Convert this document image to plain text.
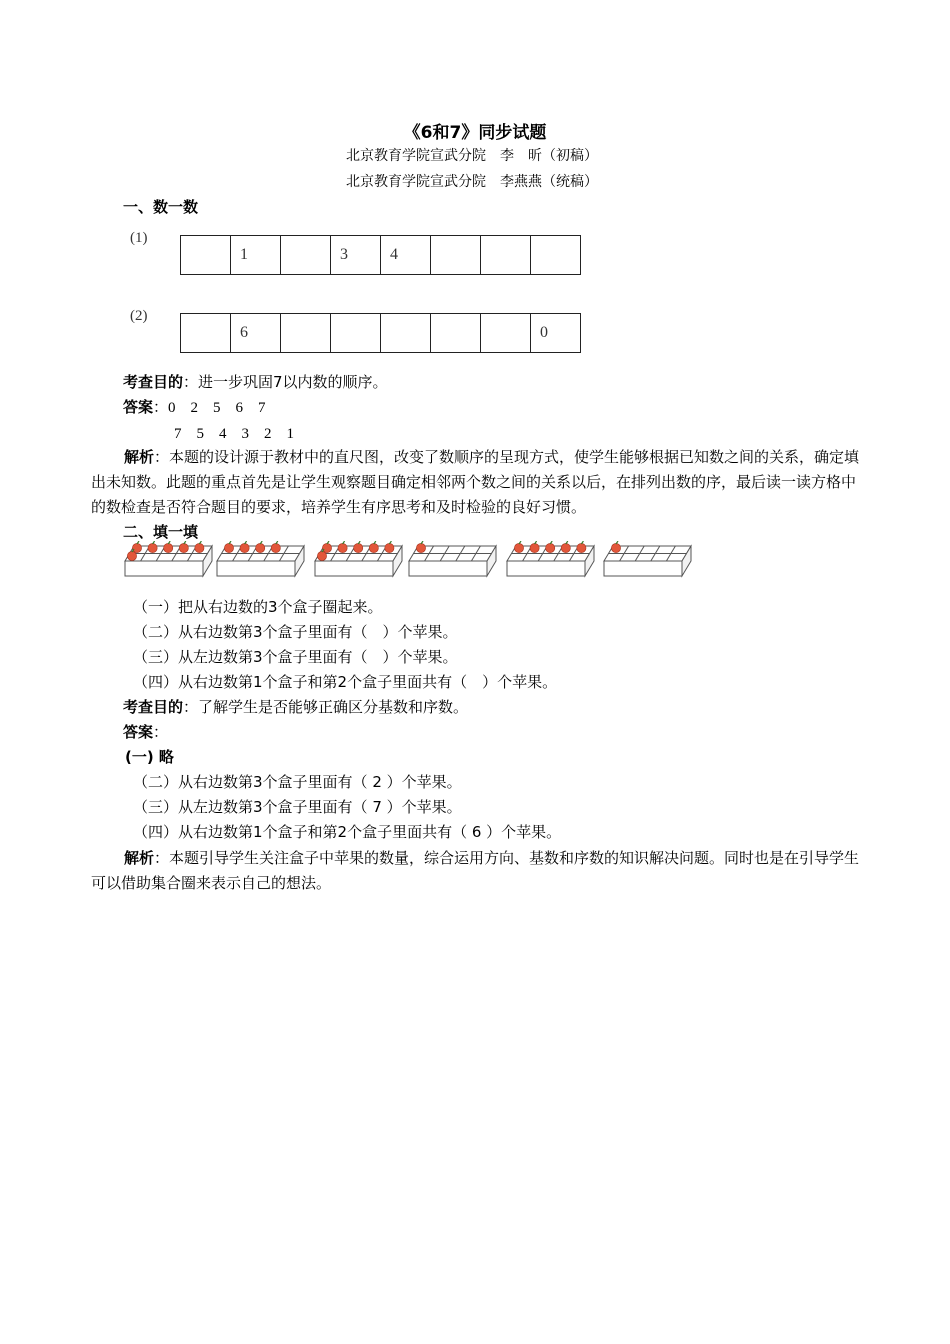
《6和7》同步试题
北京教育学院宣武分院　李　昕（初稿）
北京教育学院宣武分院　李燕燕（统稿）
一、数一数
(1)
	1		3	4			
(2)
	6						0
考查目的：进一步巩固7以内数的顺序。
答案：0　2　5　6　7
7　5　4　3　2　1
解析：本题的设计源于教材中的直尺图，改变了数顺序的呈现方式，使学生能够根据已知数之间的关系，确定填出未知数。此题的重点首先是让学生观察题目确定相邻两个数之间的关系以后，在排列出数的序，最后读一读方格中的数检查是否符合题目的要求，培养学生有序思考和及时检验的良好习惯。
二、填一填
（一）把从右边数的3个盒子圈起来。
（二）从右边数第3个盒子里面有（　）个苹果。
（三）从左边数第3个盒子里面有（　）个苹果。
（四）从右边数第1个盒子和第2个盒子里面共有（　）个苹果。
考查目的：了解学生是否能够正确区分基数和序数。
答案：
(一) 略
（二）从右边数第3个盒子里面有（ 2 ）个苹果。
（三）从左边数第3个盒子里面有（ 7 ）个苹果。
（四）从右边数第1个盒子和第2个盒子里面共有（ 6 ）个苹果。
解析：本题引导学生关注盒子中苹果的数量，综合运用方向、基数和序数的知识解决问题。同时也是在引导学生可以借助集合圈来表示自己的想法。
